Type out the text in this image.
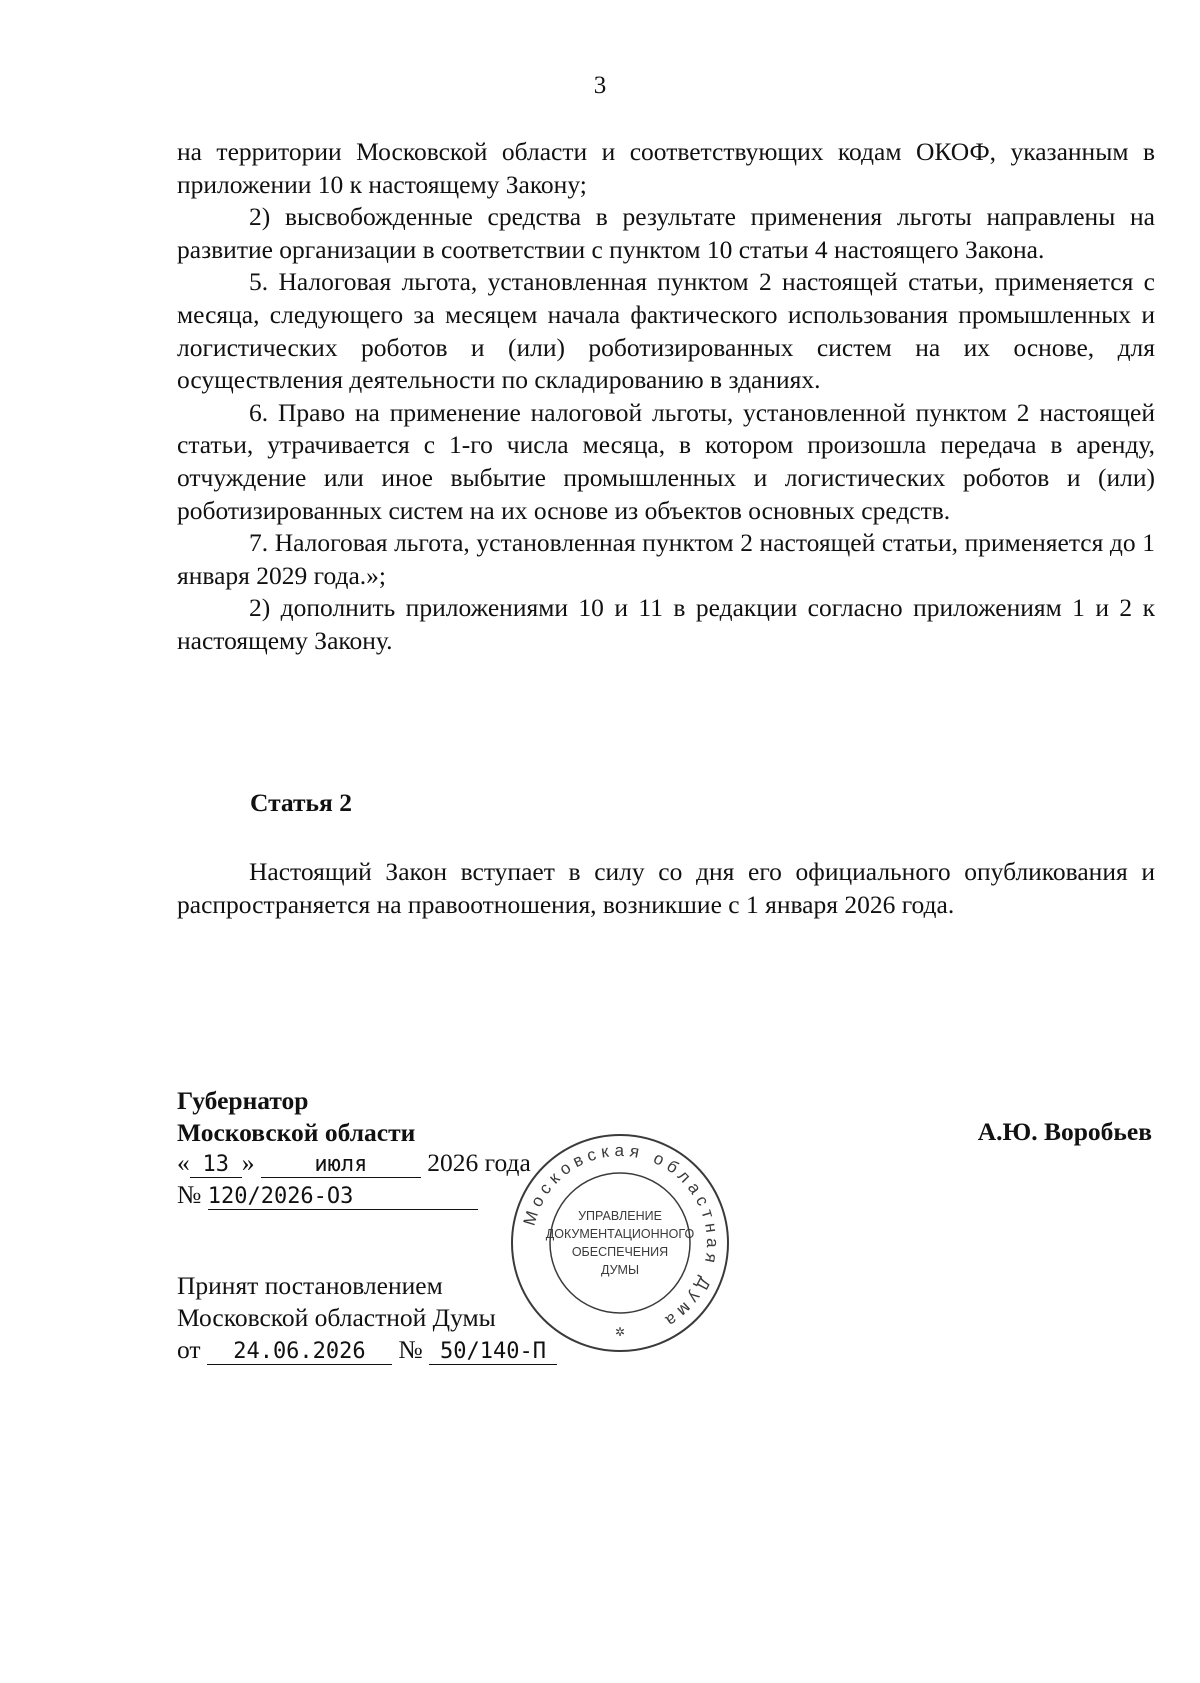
3

на территории Московской области и соответствующих кодам ОКОФ, указанным в приложении 10 к настоящему Закону;

2) высвобожденные средства в результате применения льготы направлены на развитие организации в соответствии с пунктом 10 статьи 4 настоящего Закона.

5. Налоговая льгота, установленная пунктом 2 настоящей статьи, применяется с месяца, следующего за месяцем начала фактического использования промышленных и логистических роботов и (или) роботизированных систем на их основе, для осуществления деятельности по складированию в зданиях.

6. Право на применение налоговой льготы, установленной пунктом 2 настоящей статьи, утрачивается с 1-го числа месяца, в котором произошла передача в аренду, отчуждение или иное выбытие промышленных и логистических роботов и (или) роботизированных систем на их основе из объектов основных средств.

7. Налоговая льгота, установленная пунктом 2 настоящей статьи, применяется до 1 января 2029 года.»;

2) дополнить приложениями 10 и 11 в редакции согласно приложениям 1 и 2 к настоящему Закону.

Статья 2

Настоящий Закон вступает в силу со дня его официального опубликования и распространяется на правоотношения, возникшие с 1 января 2026 года.

Губернатор
Московской области	А.Ю. Воробьев
« 13 »	июля 2026 года
№ 120/2026-ОЗ
Принят постановлением
Московской областной Думы
от 24.06.2026 № 50/140-П
Московская областная Дума
УПРАВЛЕНИЕ
ДОКУМЕНТАЦИОННОГО
ОБЕСПЕЧЕНИЯ
ДУМЫ
✲
